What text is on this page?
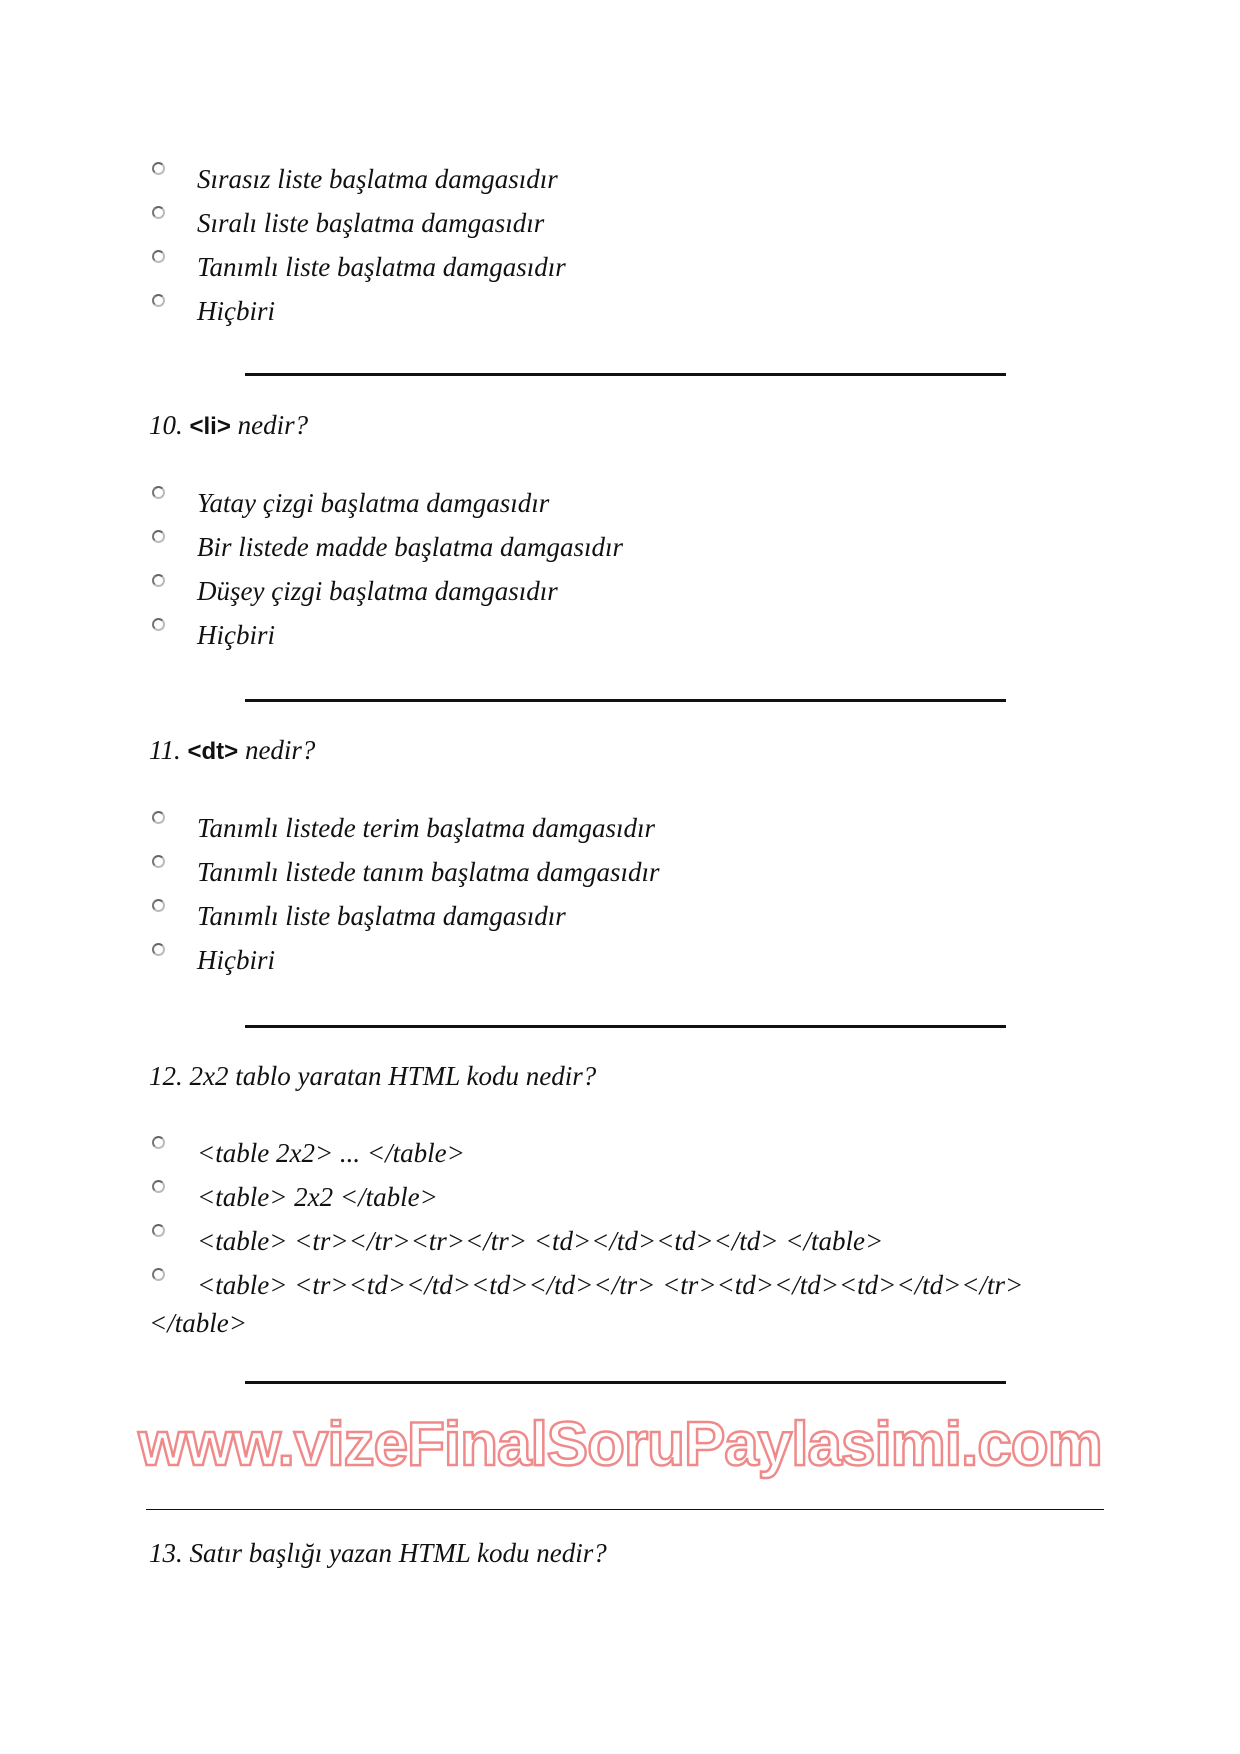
Sırasız liste başlatma damgasıdır
Sıralı liste başlatma damgasıdır
Tanımlı liste başlatma damgasıdır
Hiçbiri
10. <li> nedir?
Yatay çizgi başlatma damgasıdır
Bir listede madde başlatma damgasıdır
Düşey çizgi başlatma damgasıdır
Hiçbiri
11. <dt> nedir?
Tanımlı listede terim başlatma damgasıdır
Tanımlı listede tanım başlatma damgasıdır
Tanımlı liste başlatma damgasıdır
Hiçbiri
12. 2x2 tablo yaratan HTML kodu nedir?
<table 2x2> ... </table>
<table> 2x2 </table>
<table> <tr></tr><tr></tr> <td></td><td></td> </table>
<table> <tr><td></td><td></td></tr> <tr><td></td><td></td></tr>
</table>
www.vizeFinalSoruPaylasimi.com
13. Satır başlığı yazan HTML kodu nedir?
